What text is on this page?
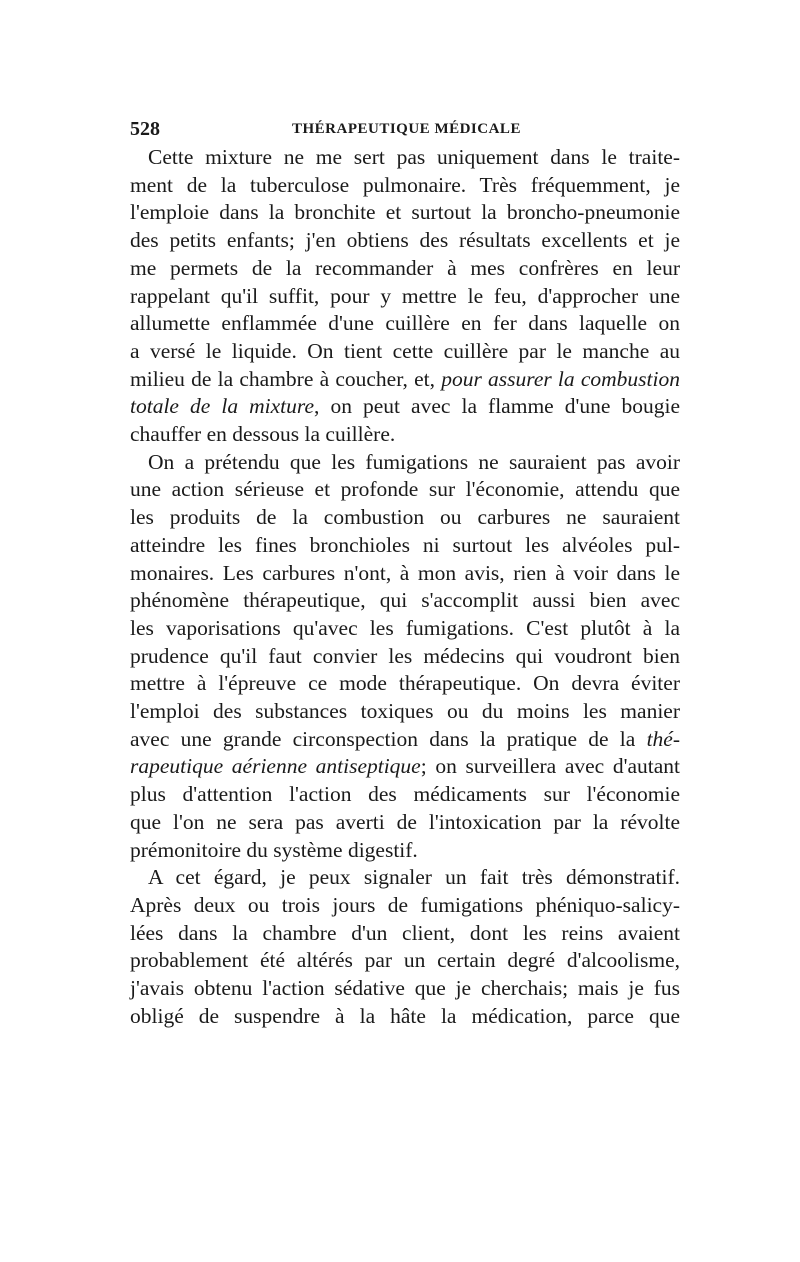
528	THÉRAPEUTIQUE MÉDICALE
Cette mixture ne me sert pas uniquement dans le traite-
ment de la tuberculose pulmonaire. Très fréquemment, je
l'emploie dans la bronchite et surtout la broncho-pneumonie
des petits enfants; j'en obtiens des résultats excellents et je
me permets de la recommander à mes confrères en leur
rappelant qu'il suffit, pour y mettre le feu, d'approcher une
allumette enflammée d'une cuillère en fer dans laquelle on
a versé le liquide. On tient cette cuillère par le manche au
milieu de la chambre à coucher, et, pour assurer la combustion
totale de la mixture, on peut avec la flamme d'une bougie
chauffer en dessous la cuillère.
On a prétendu que les fumigations ne sauraient pas avoir
une action sérieuse et profonde sur l'économie, attendu que
les produits de la combustion ou carbures ne sauraient
atteindre les fines bronchioles ni surtout les alvéoles pul-
monaires. Les carbures n'ont, à mon avis, rien à voir dans le
phénomène thérapeutique, qui s'accomplit aussi bien avec
les vaporisations qu'avec les fumigations. C'est plutôt à la
prudence qu'il faut convier les médecins qui voudront bien
mettre à l'épreuve ce mode thérapeutique. On devra éviter
l'emploi des substances toxiques ou du moins les manier
avec une grande circonspection dans la pratique de la thé-
rapeutique aérienne antiseptique; on surveillera avec d'autant
plus d'attention l'action des médicaments sur l'économie
que l'on ne sera pas averti de l'intoxication par la révolte
prémonitoire du système digestif.
A cet égard, je peux signaler un fait très démonstratif.
Après deux ou trois jours de fumigations phéniquo-salicy-
lées dans la chambre d'un client, dont les reins avaient
probablement été altérés par un certain degré d'alcoolisme,
j'avais obtenu l'action sédative que je cherchais; mais je fus
obligé de suspendre à la hâte la médication, parce que
